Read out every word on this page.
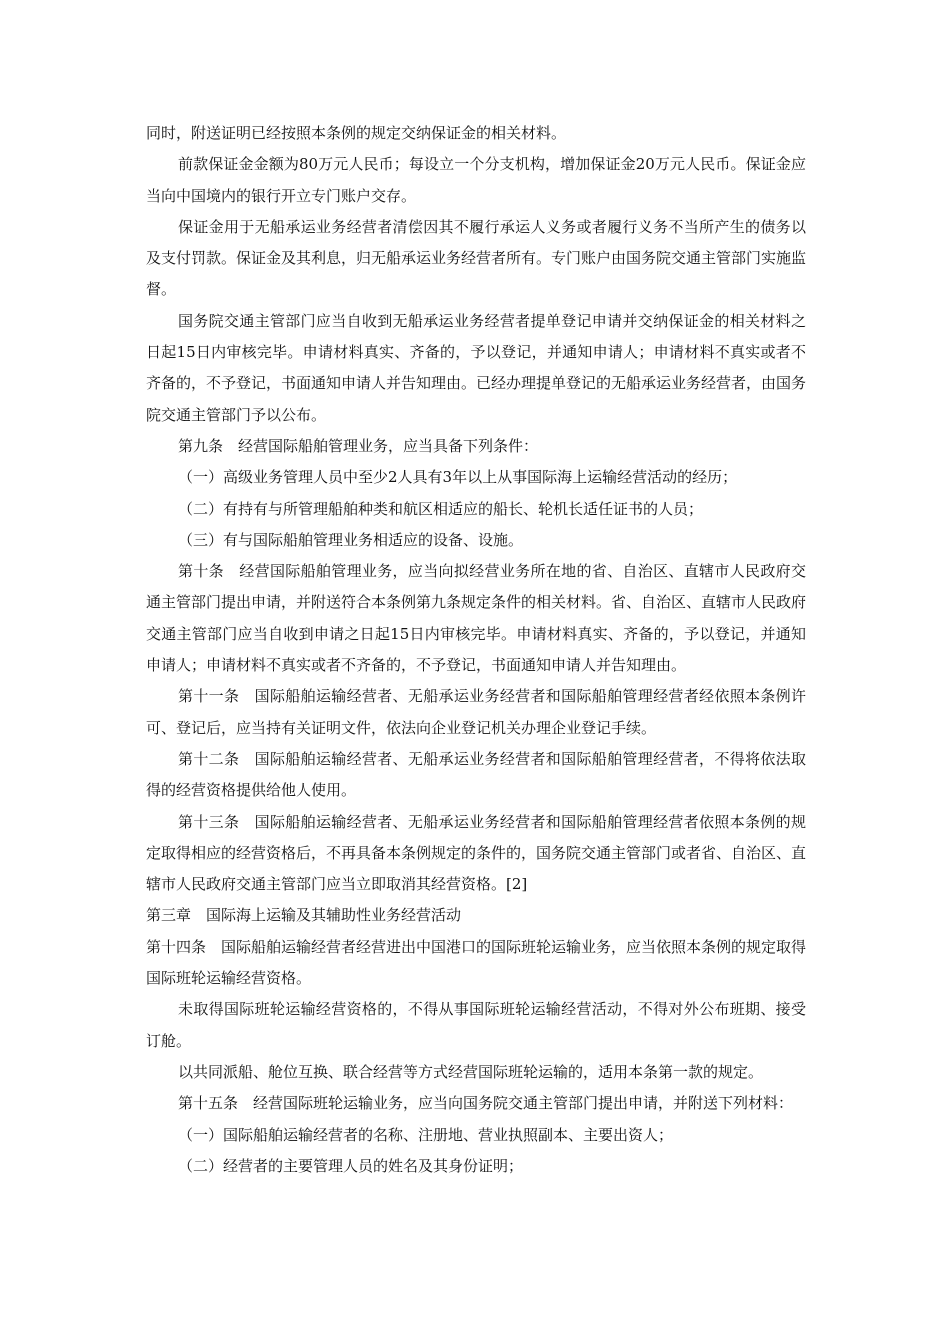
同时，附送证明已经按照本条例的规定交纳保证金的相关材料。

前款保证金金额为80万元人民币；每设立一个分支机构，增加保证金20万元人民币。保证金应当向中国境内的银行开立专门账户交存。

保证金用于无船承运业务经营者清偿因其不履行承运人义务或者履行义务不当所产生的债务以及支付罚款。保证金及其利息，归无船承运业务经营者所有。专门账户由国务院交通主管部门实施监督。

国务院交通主管部门应当自收到无船承运业务经营者提单登记申请并交纳保证金的相关材料之日起15日内审核完毕。申请材料真实、齐备的，予以登记，并通知申请人；申请材料不真实或者不齐备的，不予登记，书面通知申请人并告知理由。已经办理提单登记的无船承运业务经营者，由国务院交通主管部门予以公布。

第九条　经营国际船舶管理业务，应当具备下列条件：

（一）高级业务管理人员中至少2人具有3年以上从事国际海上运输经营活动的经历；

（二）有持有与所管理船舶种类和航区相适应的船长、轮机长适任证书的人员；

（三）有与国际船舶管理业务相适应的设备、设施。

第十条　经营国际船舶管理业务，应当向拟经营业务所在地的省、自治区、直辖市人民政府交通主管部门提出申请，并附送符合本条例第九条规定条件的相关材料。省、自治区、直辖市人民政府交通主管部门应当自收到申请之日起15日内审核完毕。申请材料真实、齐备的，予以登记，并通知申请人；申请材料不真实或者不齐备的，不予登记，书面通知申请人并告知理由。

第十一条　国际船舶运输经营者、无船承运业务经营者和国际船舶管理经营者经依照本条例许可、登记后，应当持有关证明文件，依法向企业登记机关办理企业登记手续。

第十二条　国际船舶运输经营者、无船承运业务经营者和国际船舶管理经营者，不得将依法取得的经营资格提供给他人使用。

第十三条　国际船舶运输经营者、无船承运业务经营者和国际船舶管理经营者依照本条例的规定取得相应的经营资格后，不再具备本条例规定的条件的，国务院交通主管部门或者省、自治区、直辖市人民政府交通主管部门应当立即取消其经营资格。[2]

第三章　国际海上运输及其辅助性业务经营活动

第十四条　国际船舶运输经营者经营进出中国港口的国际班轮运输业务，应当依照本条例的规定取得国际班轮运输经营资格。

未取得国际班轮运输经营资格的，不得从事国际班轮运输经营活动，不得对外公布班期、接受订舱。

以共同派船、舱位互换、联合经营等方式经营国际班轮运输的，适用本条第一款的规定。

第十五条　经营国际班轮运输业务，应当向国务院交通主管部门提出申请，并附送下列材料：

（一）国际船舶运输经营者的名称、注册地、营业执照副本、主要出资人；

（二）经营者的主要管理人员的姓名及其身份证明；
